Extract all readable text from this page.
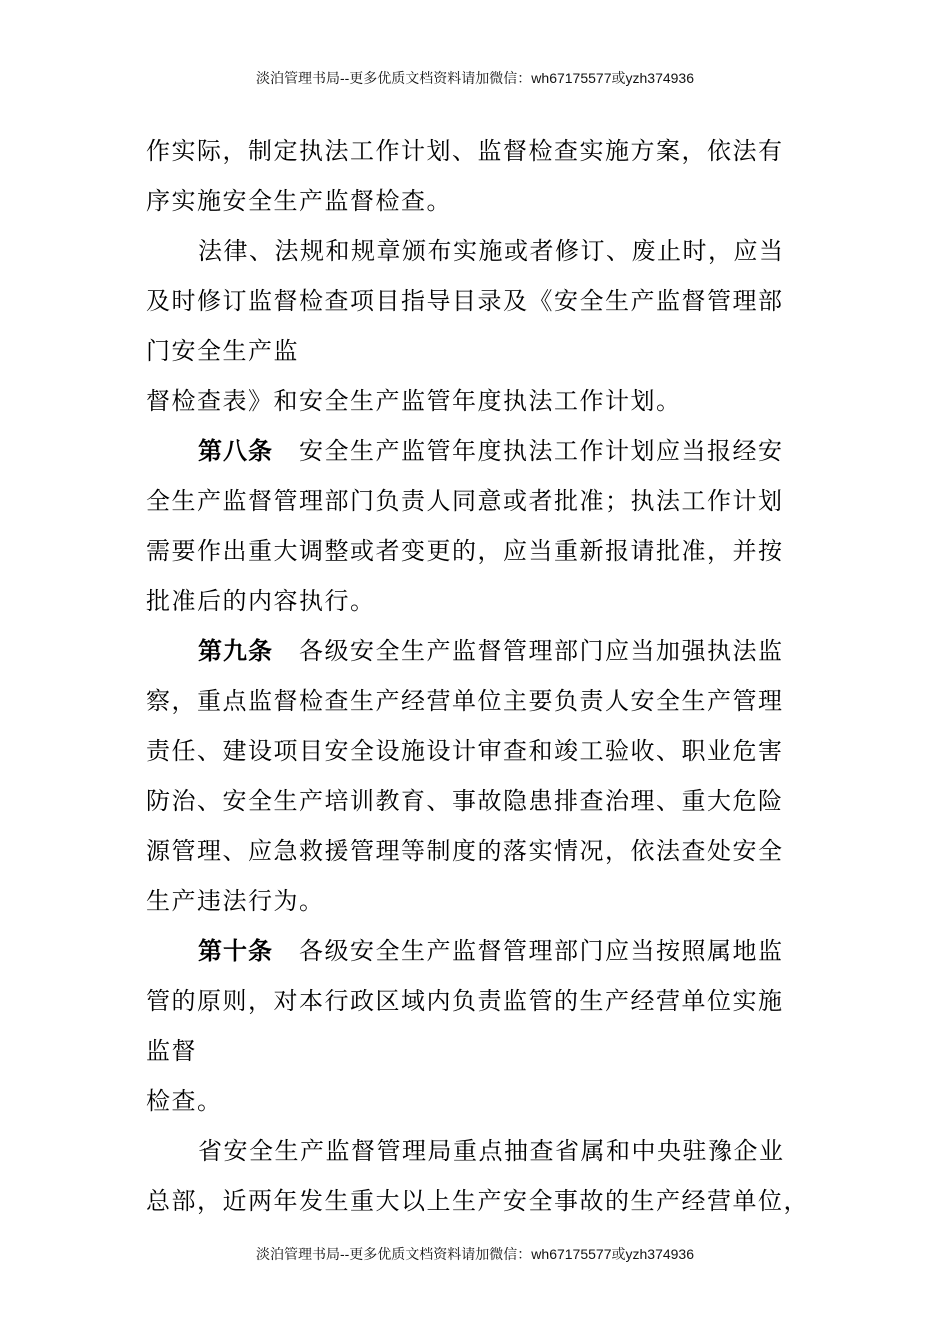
淡泊管理书局--更多优质文档资料请加微信：wh67175577或yzh374936
作实际，制定执法工作计划、监督检查实施方案，依法有
序实施安全生产监督检查。
法律、法规和规章颁布实施或者修订、废止时，应当
及时修订监督检查项目指导目录及《安全生产监督管理部
门安全生产监
督检查表》和安全生产监管年度执法工作计划。
第八条 安全生产监管年度执法工作计划应当报经安
全生产监督管理部门负责人同意或者批准；执法工作计划
需要作出重大调整或者变更的，应当重新报请批准，并按
批准后的内容执行。
第九条 各级安全生产监督管理部门应当加强执法监
察，重点监督检查生产经营单位主要负责人安全生产管理
责任、建设项目安全设施设计审查和竣工验收、职业危害
防治、安全生产培训教育、事故隐患排查治理、重大危险
源管理、应急救援管理等制度的落实情况，依法查处安全
生产违法行为。
第十条 各级安全生产监督管理部门应当按照属地监
管的原则，对本行政区域内负责监管的生产经营单位实施
监督
检查。
省安全生产监督管理局重点抽查省属和中央驻豫企业
总部，近两年发生重大以上生产安全事故的生产经营单位，
淡泊管理书局--更多优质文档资料请加微信：wh67175577或yzh374936
